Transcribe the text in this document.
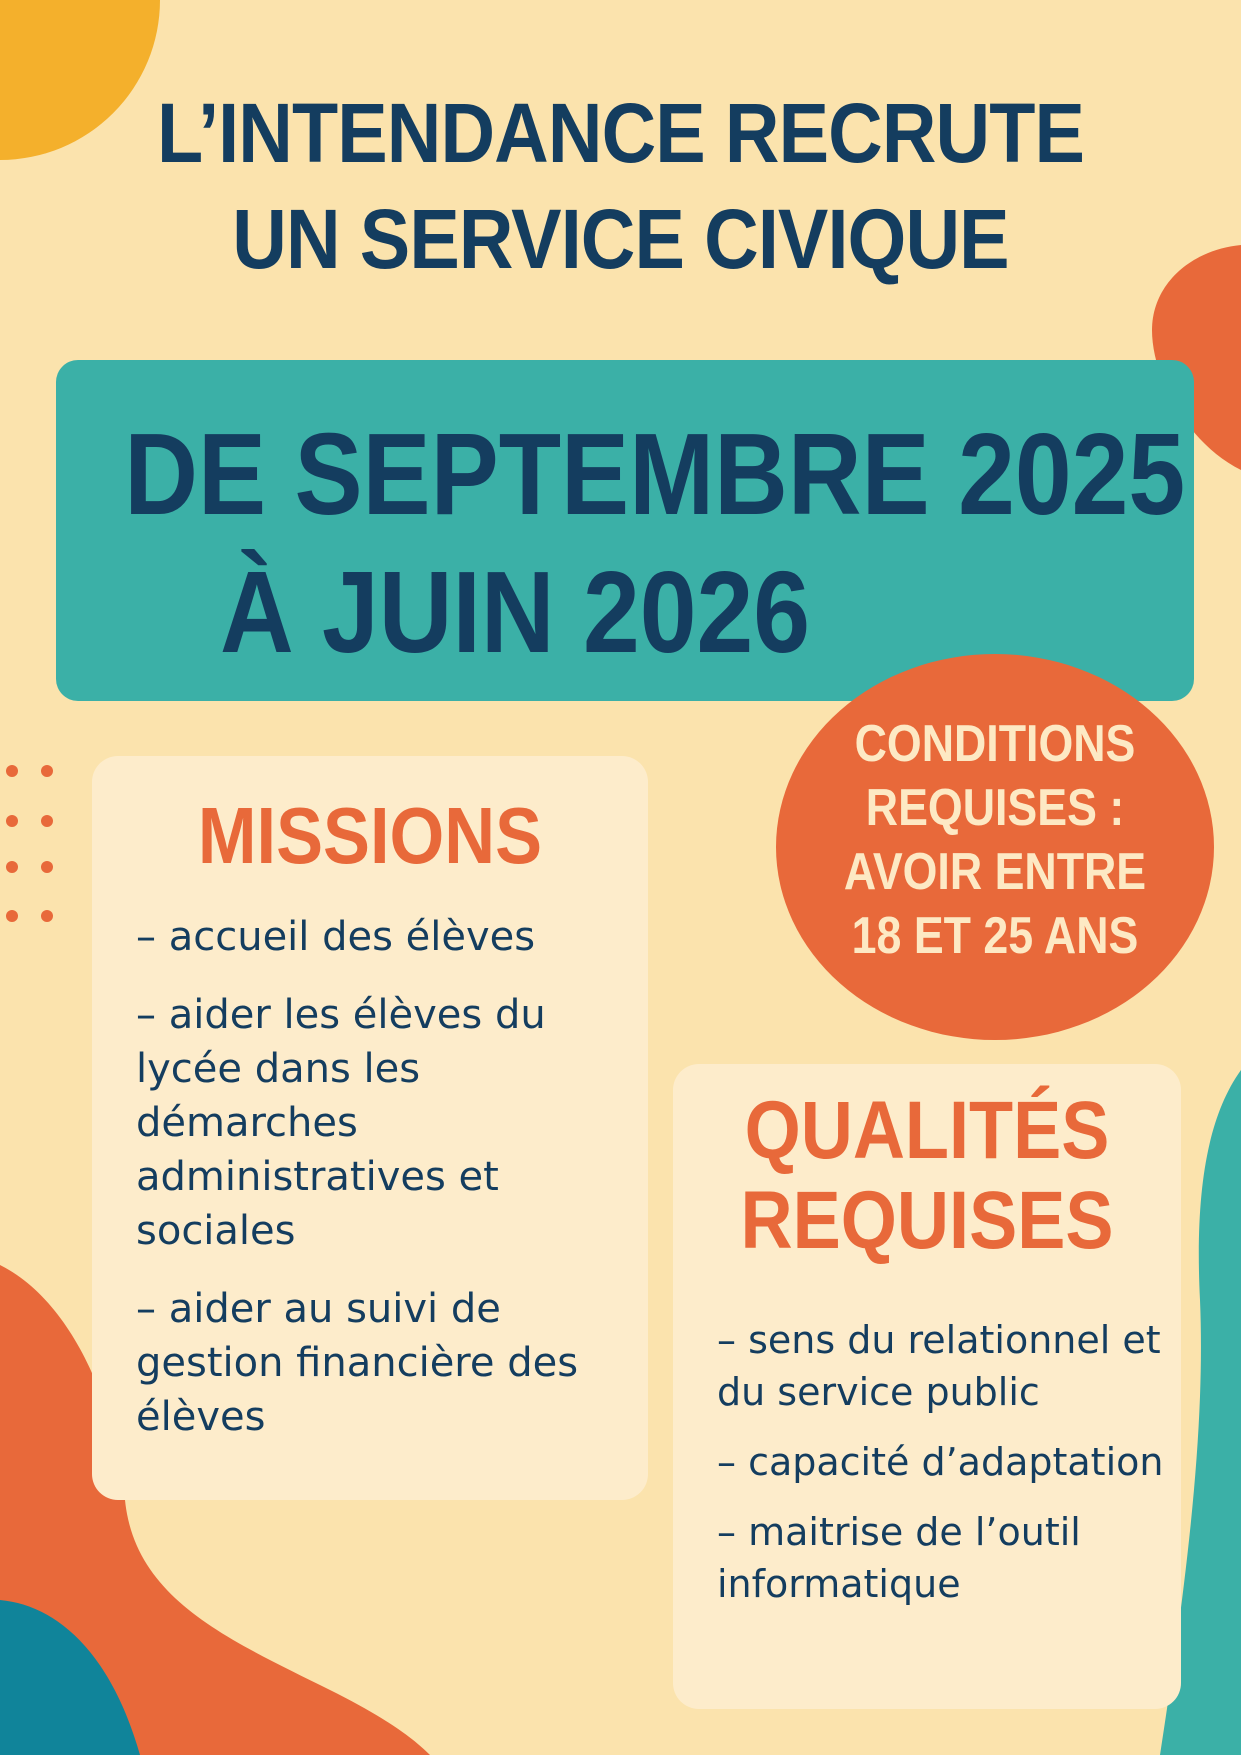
L’INTENDANCE RECRUTE
UN SERVICE CIVIQUE
DE SEPTEMBRE 2025
À JUIN 2026
CONDITIONS
REQUISES :
AVOIR ENTRE
18 ET 25 ANS
MISSIONS
– accueil des élèves
– aider les élèves du lycée dans les démarches administratives et sociales
– aider au suivi de gestion financière des élèves
QUALITÉS
REQUISES
– sens du relationnel et du service public
– capacité d’adaptation
– maitrise de l’outil informatique
